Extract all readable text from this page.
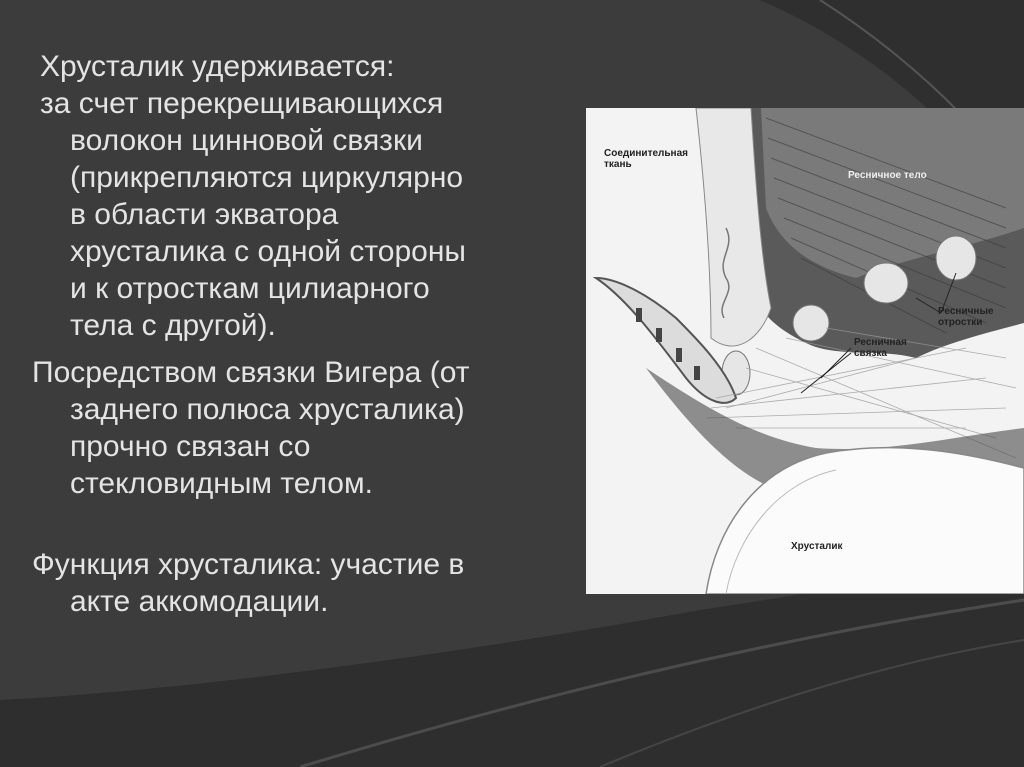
Хрусталик удерживается:
за счет перекрещивающихся
волокон цинновой связки
(прикрепляются циркулярно
в области экватора
хрусталика с одной стороны
и к отросткам цилиарного
тела с другой).
Посредством связки Вигера (от
заднего полюса хрусталика)
прочно связан со
стекловидным телом.
Функция хрусталика: участие в
акте аккомодации.
Соединительная
ткань
Ресничное тело
Ресничные
отростки
Ресничная
связка
Хрусталик
